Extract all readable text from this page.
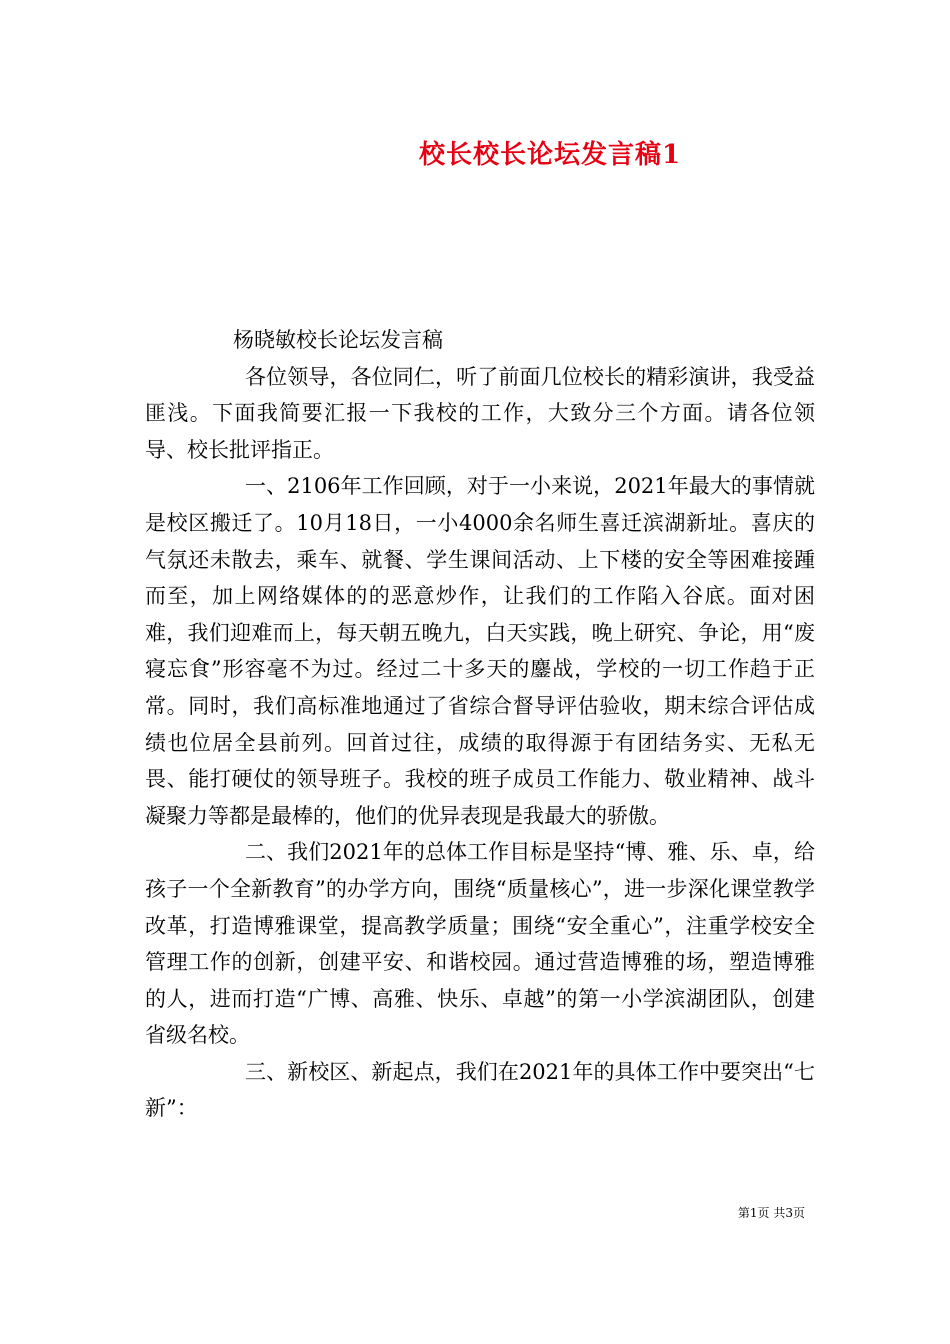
校长校长论坛发言稿1

杨晓敏校长论坛发言稿

各位领导，各位同仁，听了前面几位校长的精彩演讲，我受益匪浅。下面我简要汇报一下我校的工作，大致分三个方面。请各位领导、校长批评指正。

一、2106年工作回顾，对于一小来说，2021年最大的事情就是校区搬迁了。10月18日，一小4000余名师生喜迁滨湖新址。喜庆的气氛还未散去，乘车、就餐、学生课间活动、上下楼的安全等困难接踵而至，加上网络媒体的的恶意炒作，让我们的工作陷入谷底。面对困难，我们迎难而上，每天朝五晚九，白天实践，晚上研究、争论，用“废寝忘食”形容毫不为过。经过二十多天的鏖战，学校的一切工作趋于正常。同时，我们高标准地通过了省综合督导评估验收，期末综合评估成绩也位居全县前列。回首过往，成绩的取得源于有团结务实、无私无畏、能打硬仗的领导班子。我校的班子成员工作能力、敬业精神、战斗凝聚力等都是最棒的，他们的优异表现是我最大的骄傲。

二、我们2021年的总体工作目标是坚持“博、雅、乐、卓，给孩子一个全新教育”的办学方向，围绕“质量核心”，进一步深化课堂教学改革，打造博雅课堂，提高教学质量；围绕“安全重心”，注重学校安全管理工作的创新，创建平安、和谐校园。通过营造博雅的场，塑造博雅的人，进而打造“广博、高雅、快乐、卓越”的第一小学滨湖团队，创建省级名校。

三、新校区、新起点，我们在2021年的具体工作中要突出“七新”：

第1页 共3页
